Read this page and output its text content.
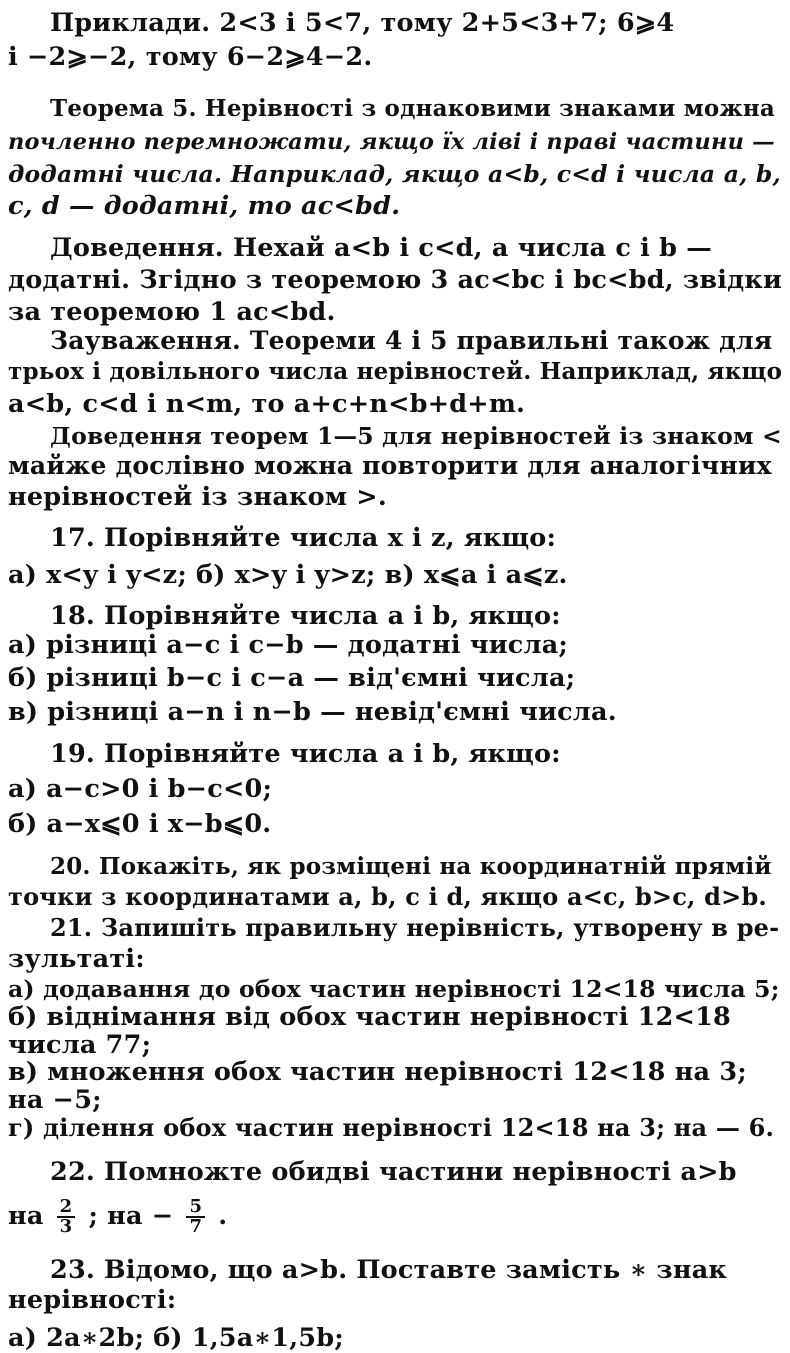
Приклади. 2<3 і 5<7, тому 2+5<3+7; 6⩾4
і −2⩾−2, тому 6−2⩾4−2.
Теорема 5. Нерівності з однаковими знаками можна
почленно перемножати, якщо їх ліві і праві частини —
додатні числа. Наприклад, якщо a<b, c<d і числа a, b,
c, d — додатні, то ac<bd.
Доведення. Нехай a<b і c<d, а числа c і b —
додатні. Згідно з теоремою 3 ac<bc і bc<bd, звідки
за теоремою 1 ac<bd.
Зауваження. Теореми 4 і 5 правильні також для
трьох і довільного числа нерівностей. Наприклад, якщо
a<b, c<d і n<m, то a+c+n<b+d+m.
Доведення теорем 1—5 для нерівностей із знаком <
майже дослівно можна повторити для аналогічних
нерівностей із знаком >.
17. Порівняйте числа x і z, якщо:
а) x<y і y<z; б) x>y і y>z; в) x⩽a і a⩽z.
18. Порівняйте числа a і b, якщо:
а) різниці a−c і c−b — додатні числа;
б) різниці b−c і c−a — від'ємні числа;
в) різниці a−n і n−b — невід'ємні числа.
19. Порівняйте числа a і b, якщо:
а) a−c>0 і b−c<0;
б) a−x⩽0 і x−b⩽0.
20. Покажіть, як розміщені на координатній прямій
точки з координатами a, b, c і d, якщо a<c, b>c, d>b.
21. Запишіть правильну нерівність, утворену в ре-
зультаті:
а) додавання до обох частин нерівності 12<18 числа 5;
б) віднімання від обох частин нерівності 12<18
числа 77;
в) множення обох частин нерівності 12<18 на 3;
на −5;
г) ділення обох частин нерівності 12<18 на 3; на — 6.
22. Помножте обидві частини нерівності a>b
23. Відомо, що a>b. Поставте замість ∗ знак
нерівності:
а) 2a∗2b; б) 1,5a∗1,5b;
на $\frac{2}{3}$ ; на − $\frac{5}{7}$ .
